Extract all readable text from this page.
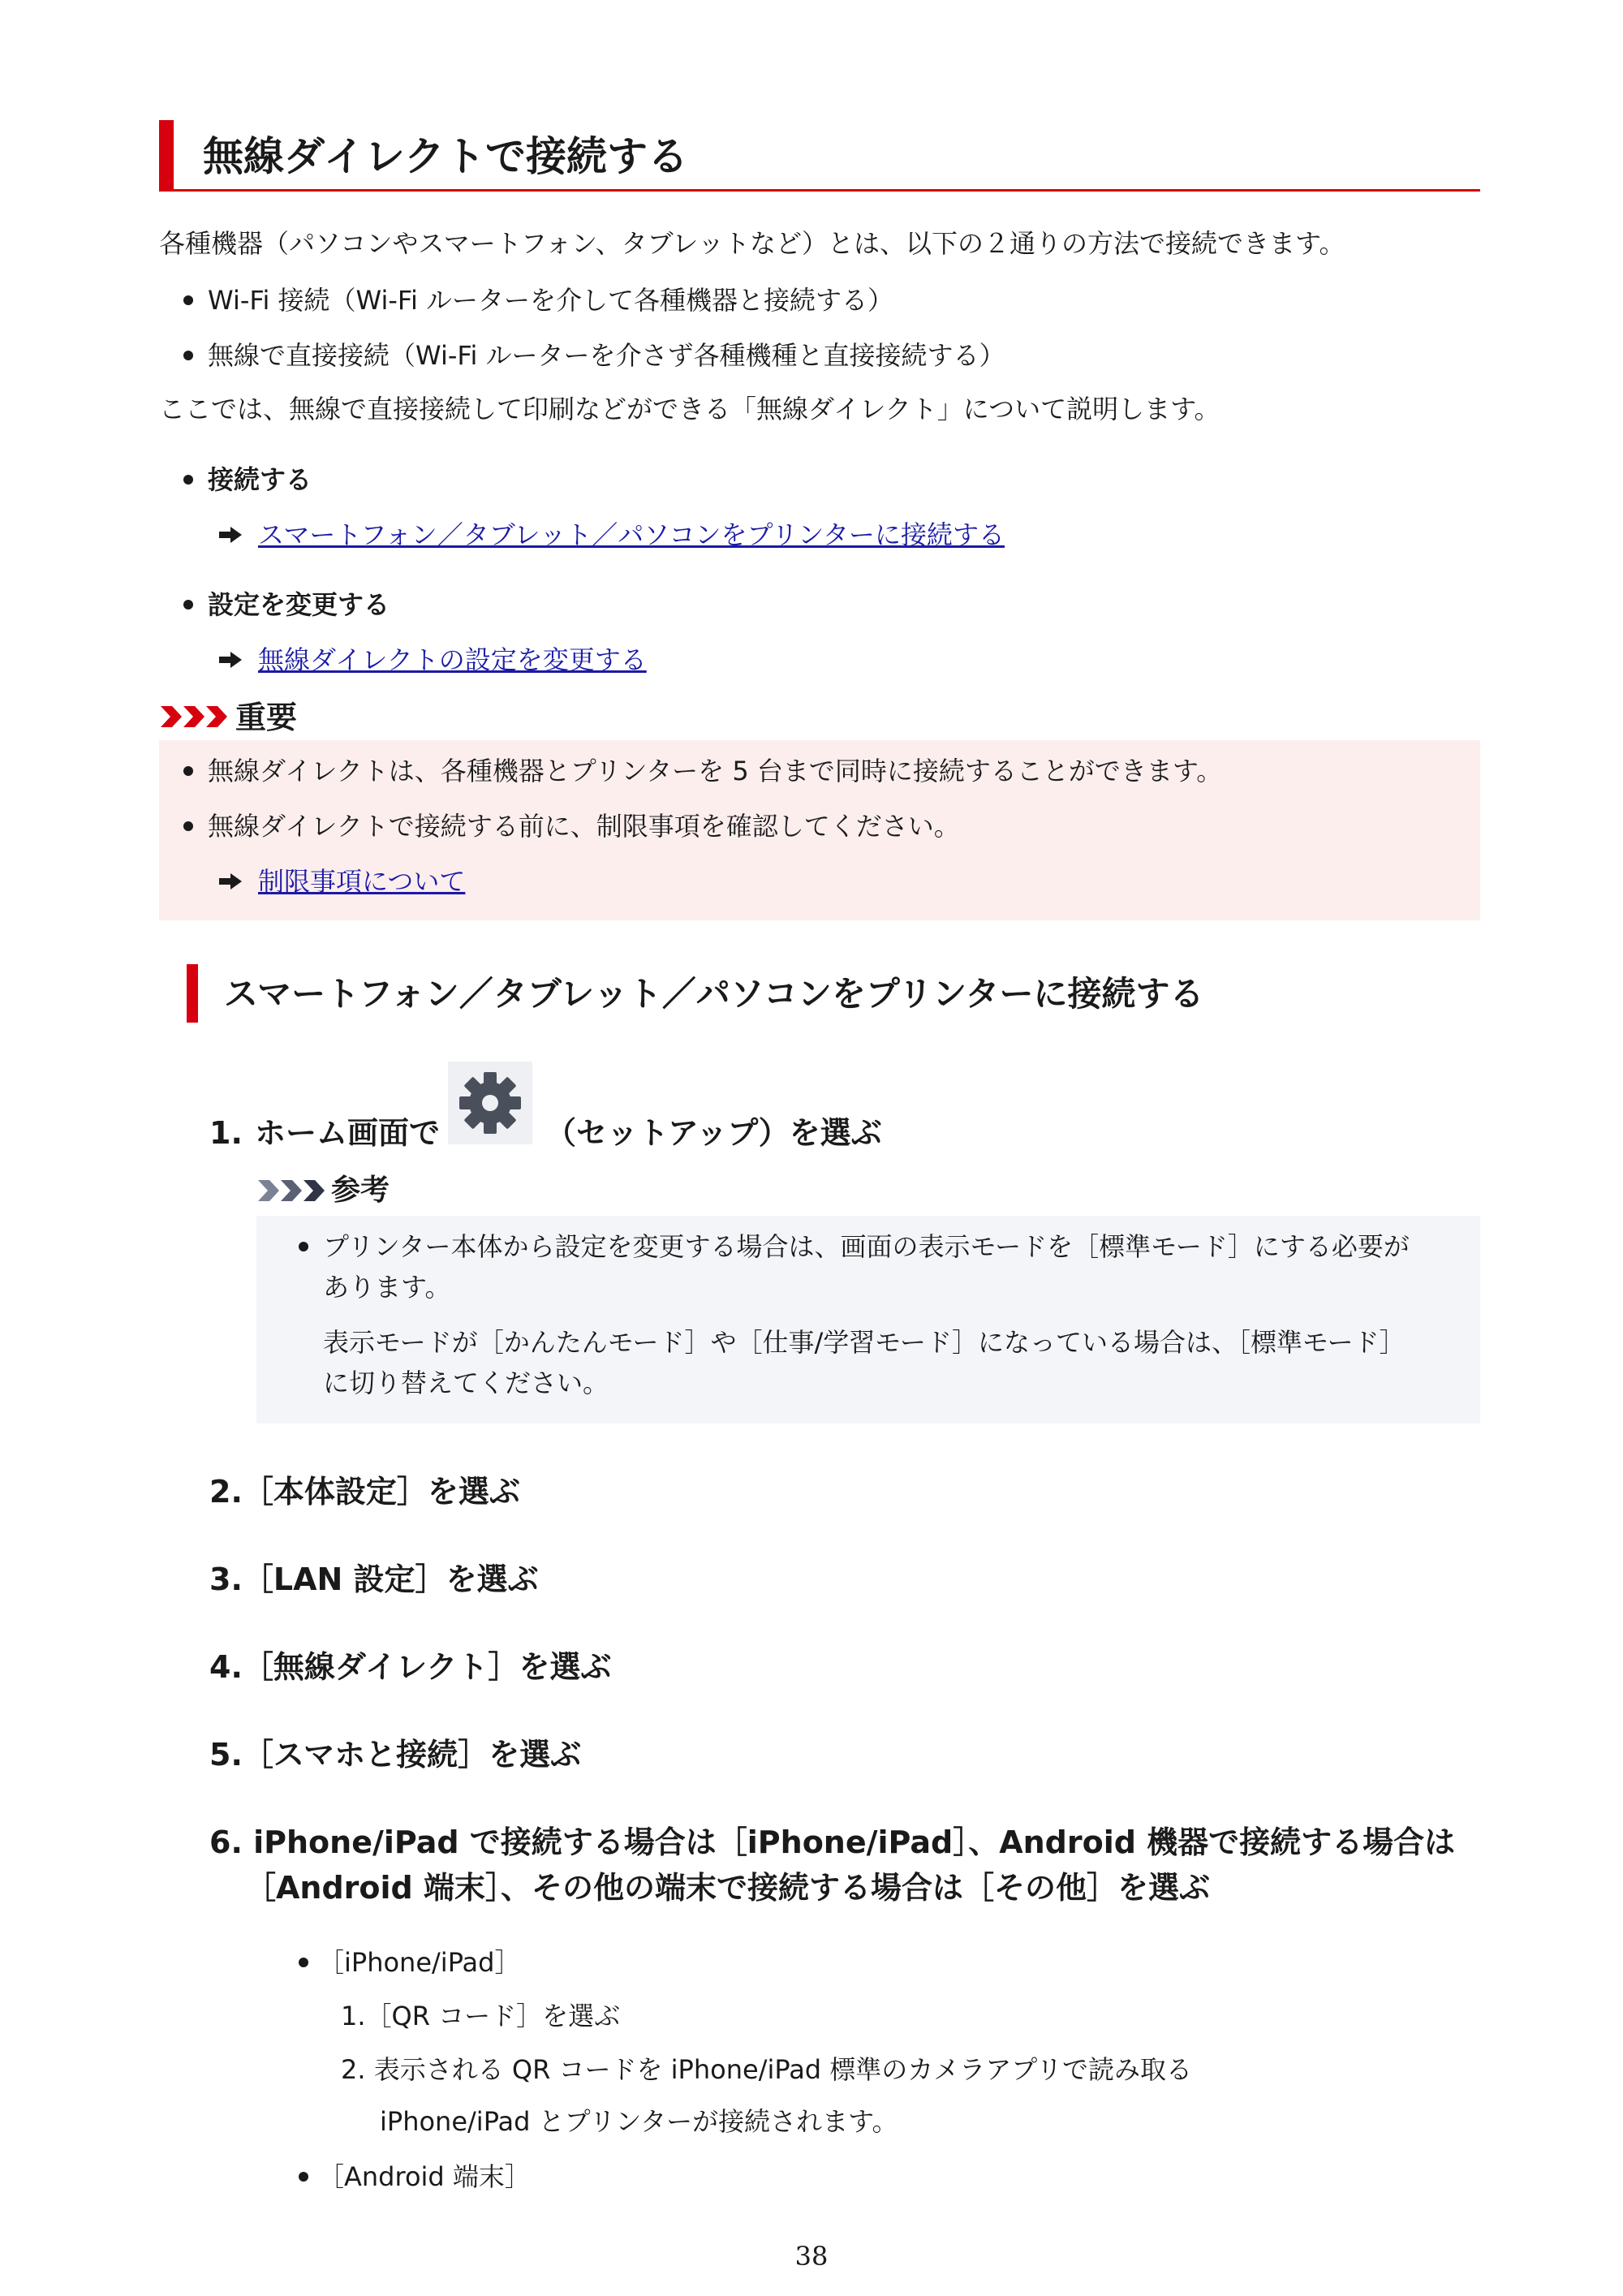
無線ダイレクトで接続する
各種機器（パソコンやスマートフォン、タブレットなど）とは、以下の２通りの方法で接続できます。
Wi-Fi 接続（Wi-Fi ルーターを介して各種機器と接続する）
無線で直接接続（Wi-Fi ルーターを介さず各種機種と直接接続する）
ここでは、無線で直接接続して印刷などができる「無線ダイレクト」について説明します。
接続する
スマートフォン／タブレット／パソコンをプリンターに接続する
設定を変更する
無線ダイレクトの設定を変更する
重要
無線ダイレクトは、各種機器とプリンターを 5 台まで同時に接続することができます。
無線ダイレクトで接続する前に、制限事項を確認してください。
制限事項について
スマートフォン／タブレット／パソコンをプリンターに接続する
1. ホーム画面で	（セットアップ）を選ぶ
参考
プリンター本体から設定を変更する場合は、画面の表示モードを［標準モード］にする必要が
あります。
表示モードが［かんたんモード］や［仕事/学習モード］になっている場合は、［標準モード］
に切り替えてください。
2.［本体設定］を選ぶ
3.［LAN 設定］を選ぶ
4.［無線ダイレクト］を選ぶ
5.［スマホと接続］を選ぶ
6. iPhone/iPad で接続する場合は［iPhone/iPad］、Android 機器で接続する場合は
［Android 端末］、その他の端末で接続する場合は［その他］を選ぶ
［iPhone/iPad］
1.［QR コード］を選ぶ
2. 表示される QR コードを iPhone/iPad 標準のカメラアプリで読み取る
iPhone/iPad とプリンターが接続されます。
［Android 端末］
38
